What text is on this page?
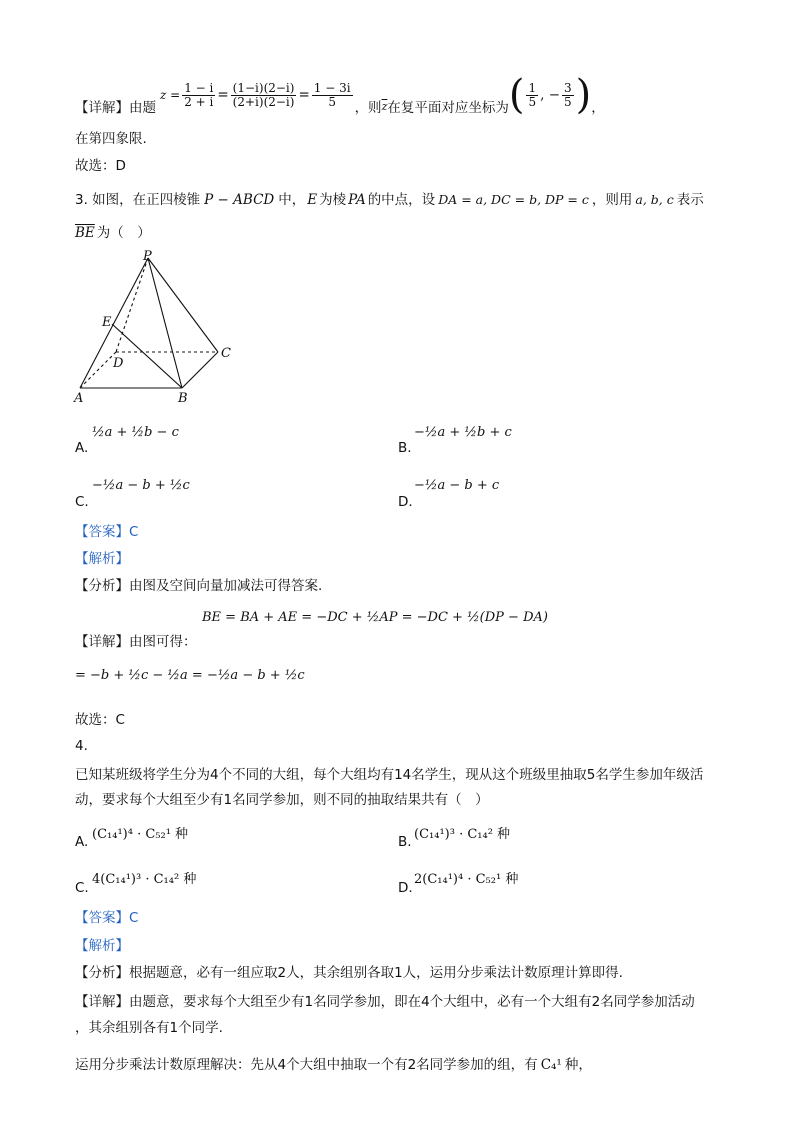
【详解】由题
$z = \frac{1 - i}{2 + i} = \frac{(1-i)(2-i)}{(2+i)(2-i)} = \frac{1 - 3i}{5}$ ，则 $\overline{z}$ 在复平面对应坐标为 ( $\frac{1}{5}$ , − $\frac{3}{5}$ ) ，
在第四象限.
故选：D
3. 如图，在正四棱锥 P − ABCD 中， E 为棱 PA 的中点，设 DA = a, DC = b, DP = c ，则用 a, b, c 表示
$\overline{BE}$ 为（　）
P
E
D
C
A	B
A.
½a + ½b − c
B.
−½a + ½b + c
C.
−½a − b + ½c
D.
−½a − b + c
【答案】C
【解析】
【分析】由图及空间向量加减法可得答案.
【详解】由图可得：
BE = BA + AE = −DC + ½AP = −DC + ½(DP − DA)
= −b + ½c − ½a = −½a − b + ½c
故选：C
4.
已知某班级将学生分为4个不同的大组，每个大组均有14名学生，现从这个班级里抽取5名学生参加年级活
动，要求每个大组至少有1名同学参加，则不同的抽取结果共有（　）
A. (C₁₄¹)⁴ · C₅₂¹ 种	B. (C₁₄¹)³ · C₁₄² 种
C.
4(C₁₄¹)³ · C₁₄² 种
D.
2(C₁₄¹)⁴ · C₅₂¹ 种
【答案】C
【解析】
【分析】根据题意，必有一组应取2人，其余组别各取1人，运用分步乘法计数原理计算即得.
【详解】由题意，要求每个大组至少有1名同学参加，即在4个大组中，必有一个大组有2名同学参加活动
，其余组别各有1个同学.
运用分步乘法计数原理解决：先从4个大组中抽取一个有2名同学参加的组，有 C₄¹ 种，
